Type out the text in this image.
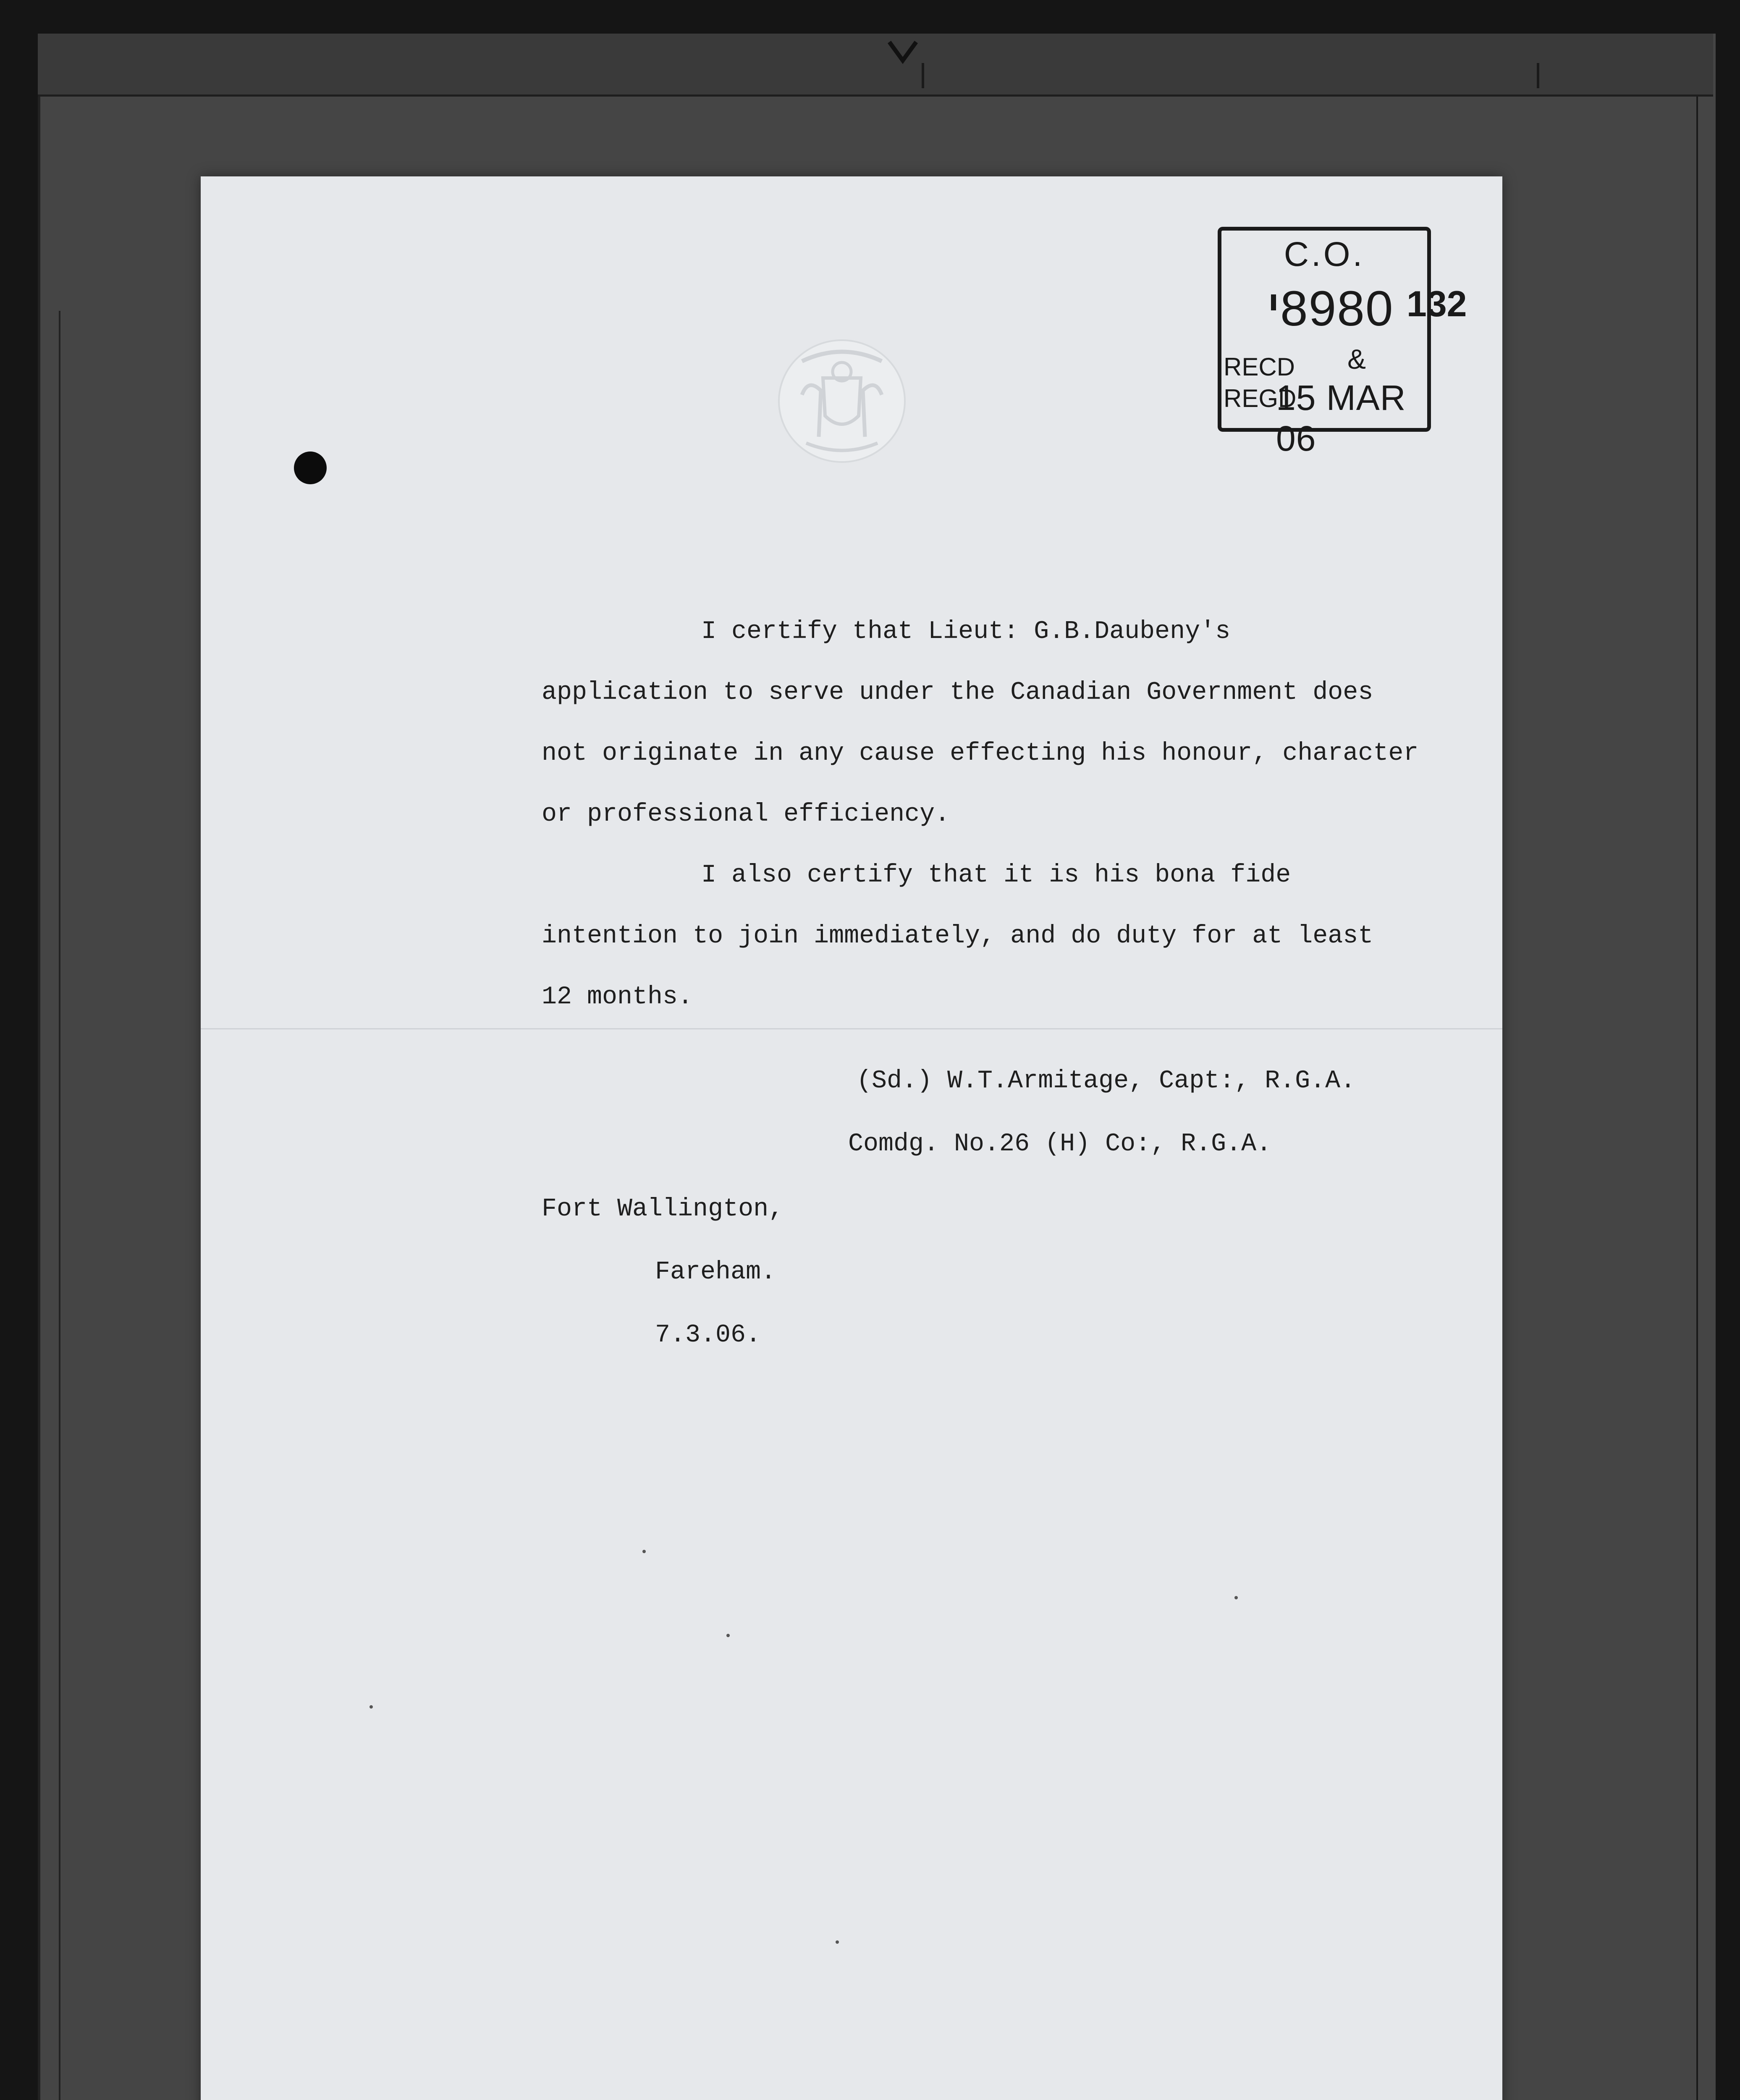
C.O.
8980
RECD &
REGD
15 MAR 06
132

I certify that Lieut: G.B.Daubeny's

application to serve under the Canadian Government does

not originate in any cause effecting his honour, character

or professional efficiency.

I also certify that it is his bona fide

intention to join immediately, and do duty for at least

12 months.

(Sd.) W.T.Armitage, Capt:, R.G.A.

Comdg. No.26 (H) Co:, R.G.A.

Fort Wallington,

Fareham.

7.3.06.
